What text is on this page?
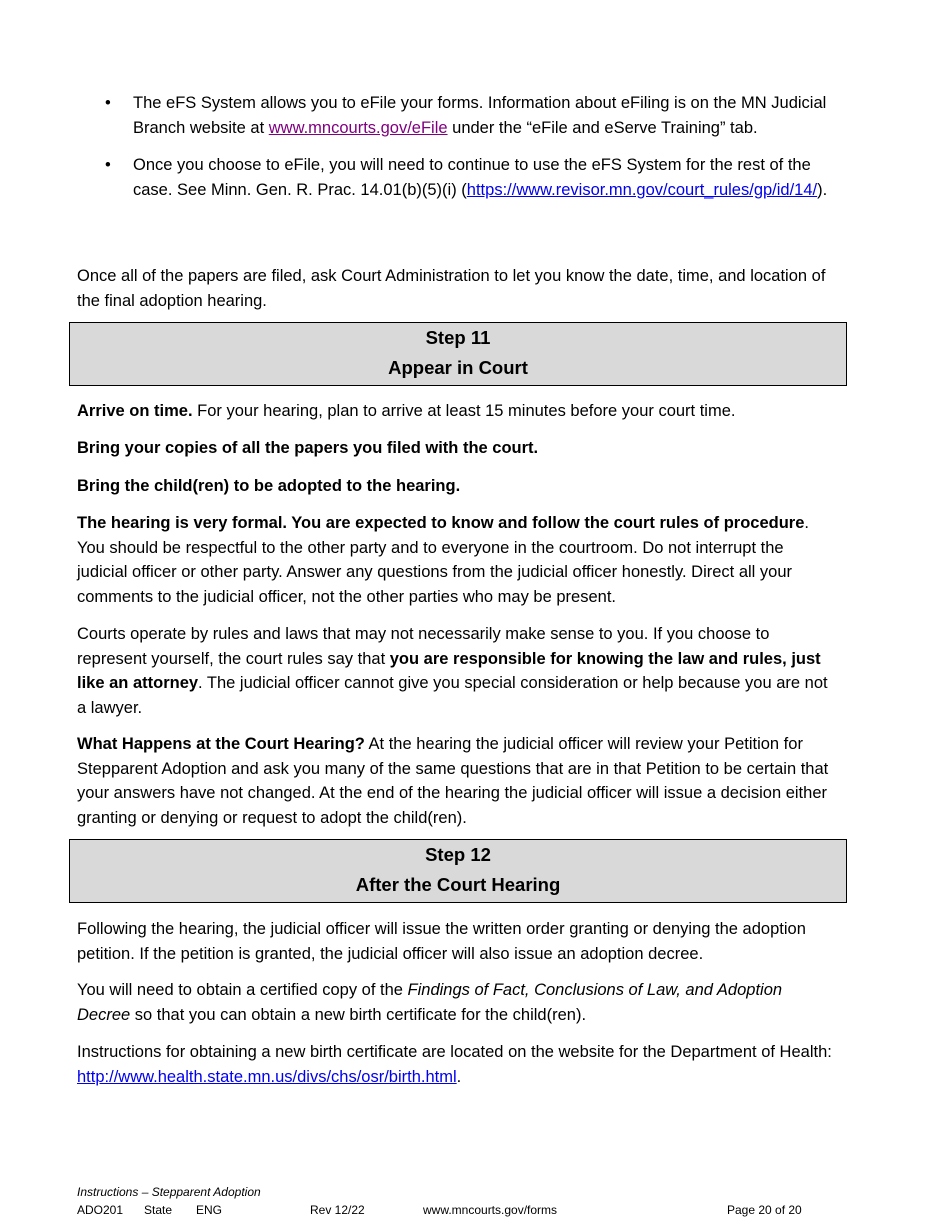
• The eFS System allows you to eFile your forms. Information about eFiling is on the MN Judicial Branch website at www.mncourts.gov/eFile under the “eFile and eServe Training” tab.

• Once you choose to eFile, you will need to continue to use the eFS System for the rest of the case. See Minn. Gen. R. Prac. 14.01(b)(5)(i) (https://www.revisor.mn.gov/court_rules/gp/id/14/).

Once all of the papers are filed, ask Court Administration to let you know the date, time, and location of the final adoption hearing.

Step 11
Appear in Court

Arrive on time. For your hearing, plan to arrive at least 15 minutes before your court time.

Bring your copies of all the papers you filed with the court.

Bring the child(ren) to be adopted to the hearing.

The hearing is very formal. You are expected to know and follow the court rules of procedure. You should be respectful to the other party and to everyone in the courtroom. Do not interrupt the judicial officer or other party. Answer any questions from the judicial officer honestly. Direct all your comments to the judicial officer, not the other parties who may be present.

Courts operate by rules and laws that may not necessarily make sense to you. If you choose to represent yourself, the court rules say that you are responsible for knowing the law and rules, just like an attorney. The judicial officer cannot give you special consideration or help because you are not a lawyer.

What Happens at the Court Hearing? At the hearing the judicial officer will review your Petition for Stepparent Adoption and ask you many of the same questions that are in that Petition to be certain that your answers have not changed. At the end of the hearing the judicial officer will issue a decision either granting or denying or request to adopt the child(ren).

Step 12
After the Court Hearing

Following the hearing, the judicial officer will issue the written order granting or denying the adoption petition. If the petition is granted, the judicial officer will also issue an adoption decree.

You will need to obtain a certified copy of the Findings of Fact, Conclusions of Law, and Adoption Decree so that you can obtain a new birth certificate for the child(ren).

Instructions for obtaining a new birth certificate are located on the website for the Department of Health: http://www.health.state.mn.us/divs/chs/osr/birth.html.

Instructions – Stepparent Adoption
ADO201 State ENG	Rev 12/22	www.mncourts.gov/forms	Page 20 of 20
